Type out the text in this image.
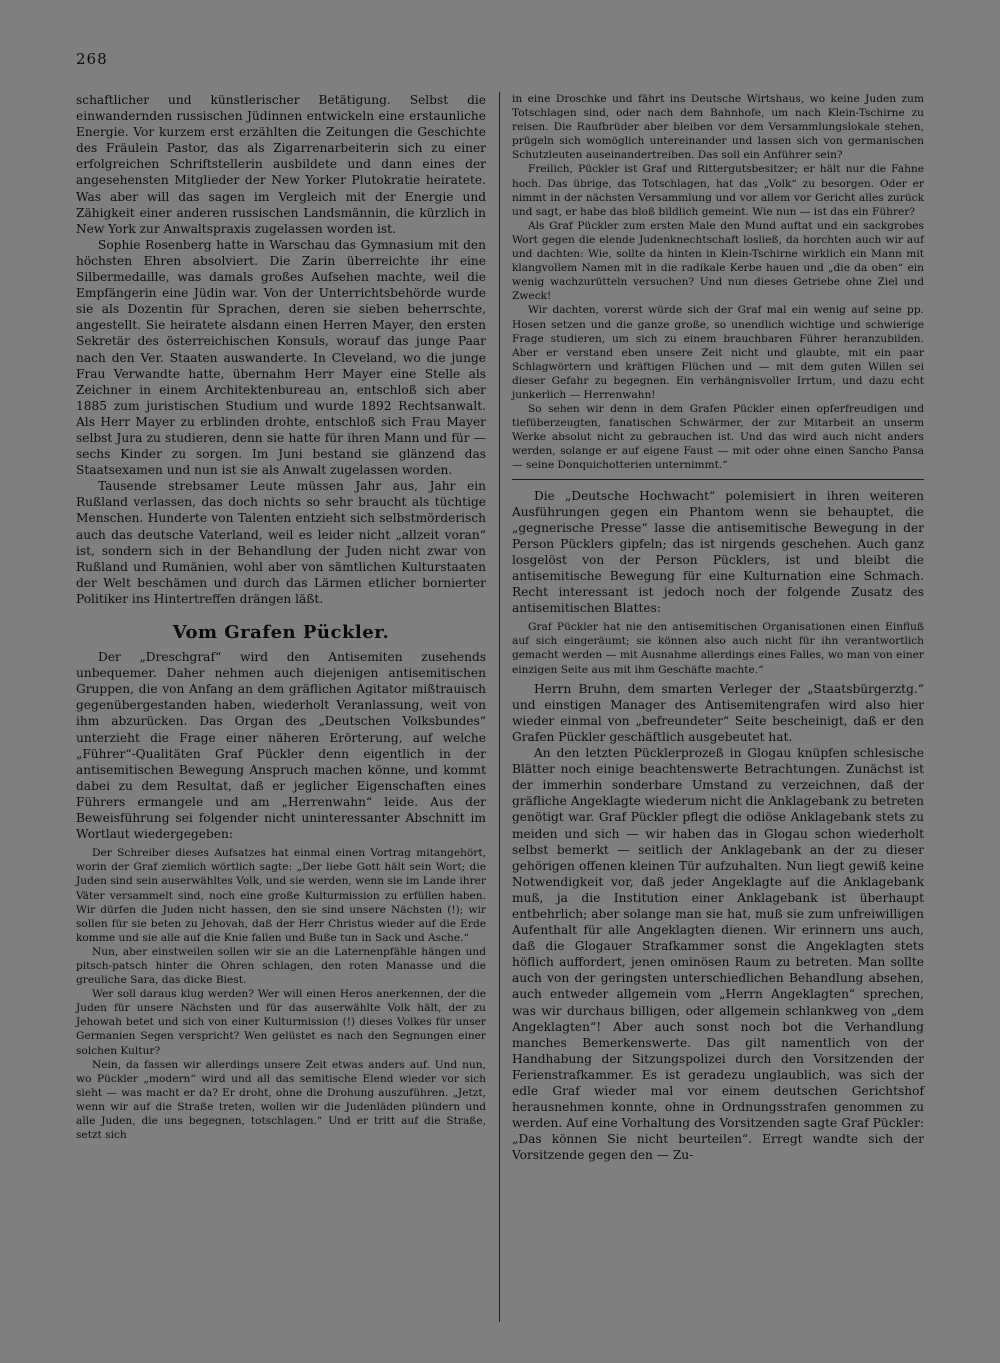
268

schaftlicher und künstlerischer Betätigung. Selbst die einwandernden russischen Jüdinnen entwickeln eine erstaunliche Energie. Vor kurzem erst erzählten die Zeitungen die Geschichte des Fräulein Pastor, das als Zigarrenarbeiterin sich zu einer erfolgreichen Schriftstellerin ausbildete und dann eines der angesehensten Mitglieder der New Yorker Plutokratie heiratete. Was aber will das sagen im Vergleich mit der Energie und Zähigkeit einer anderen russischen Landsmännin, die kürzlich in New York zur Anwaltspraxis zugelassen worden ist.

Sophie Rosenberg hatte in Warschau das Gymnasium mit den höchsten Ehren absolviert. Die Zarin überreichte ihr eine Silbermedaille, was damals großes Aufsehen machte, weil die Empfängerin eine Jüdin war. Von der Unterrichtsbehörde wurde sie als Dozentin für Sprachen, deren sie sieben beherrschte, angestellt. Sie heiratete alsdann einen Herren Mayer, den ersten Sekretär des österreichischen Konsuls, worauf das junge Paar nach den Ver. Staaten auswanderte. In Cleveland, wo die junge Frau Verwandte hatte, übernahm Herr Mayer eine Stelle als Zeichner in einem Architektenbureau an, entschloß sich aber 1885 zum juristischen Studium und wurde 1892 Rechtsanwalt. Als Herr Mayer zu erblinden drohte, entschloß sich Frau Mayer selbst Jura zu studieren, denn sie hatte für ihren Mann und für — sechs Kinder zu sorgen. Im Juni bestand sie glänzend das Staatsexamen und nun ist sie als Anwalt zugelassen worden.

Tausende strebsamer Leute müssen Jahr aus, Jahr ein Rußland verlassen, das doch nichts so sehr braucht als tüchtige Menschen. Hunderte von Talenten entzieht sich selbstmörderisch auch das deutsche Vaterland, weil es leider nicht „allzeit voran“ ist, sondern sich in der Behandlung der Juden nicht zwar von Rußland und Rumänien, wohl aber von sämtlichen Kulturstaaten der Welt beschämen und durch das Lärmen etlicher bornierter Politiker ins Hintertreffen drängen läßt.

Vom Grafen Pückler.

Der „Dreschgraf“ wird den Antisemiten zusehends unbequemer. Daher nehmen auch diejenigen antisemitischen Gruppen, die von Anfang an dem gräflichen Agitator mißtrauisch gegenübergestanden haben, wiederholt Veranlassung, weit von ihm abzurücken. Das Organ des „Deutschen Volksbundes“ unterzieht die Frage einer näheren Erörterung, auf welche „Führer“-Qualitäten Graf Pückler denn eigentlich in der antisemitischen Bewegung Anspruch machen könne, und kommt dabei zu dem Resultat, daß er jeglicher Eigenschaften eines Führers ermangele und am „Herrenwahn“ leide. Aus der Beweisführung sei folgender nicht uninteressanter Abschnitt im Wortlaut wiedergegeben:

Der Schreiber dieses Aufsatzes hat einmal einen Vortrag mitangehört, worin der Graf ziemlich wörtlich sagte: „Der liebe Gott hält sein Wort; die Juden sind sein auserwähltes Volk, und sie werden, wenn sie im Lande ihrer Väter versammelt sind, noch eine große Kulturmission zu erfüllen haben. Wir dürfen die Juden nicht hassen, den sie sind unsere Nächsten (!); wir sollen für sie beten zu Jehovah, daß der Herr Christus wieder auf die Erde komme und sie alle auf die Knie fallen und Buße tun in Sack und Asche.“

Nun, aber einstweilen sollen wir sie an die Laternenpfähle hängen und pitsch-patsch hinter die Ohren schlagen, den roten Manasse und die greuliche Sara, das dicke Biest.

Wer soll daraus klug werden? Wer will einen Heros anerkennen, der die Juden für unsere Nächsten und für das auserwählte Volk hält, der zu Jehowah betet und sich von einer Kulturmission (!) dieses Volkes für unser Germanien Segen verspricht? Wen gelüstet es nach den Segnungen einer solchen Kultur?

Nein, da fassen wir allerdings unsere Zeit etwas anders auf. Und nun, wo Pückler „modern“ wird und all das semitische Elend wieder vor sich sieht — was macht er da? Er droht, ohne die Drohung auszuführen. „Jetzt, wenn wir auf die Straße treten, wollen wir die Judenläden plündern und alle Juden, die uns begegnen, totschlagen.“ Und er tritt auf die Straße, setzt sich

in eine Droschke und fährt ins Deutsche Wirtshaus, wo keine Juden zum Totschlagen sind, oder nach dem Bahnhofe, um nach Klein-Tschirne zu reisen. Die Raufbrüder aber bleiben vor dem Versammlungslokale stehen, prügeln sich womöglich untereinander und lassen sich von germanischen Schutzleuten auseinandertreiben. Das soll ein Anführer sein?

Freilich, Pückler ist Graf und Rittergutsbesitzer; er hält nur die Fahne hoch. Das übrige, das Totschlagen, hat das „Volk“ zu besorgen. Oder er nimmt in der nächsten Versammlung und vor allem vor Gericht alles zurück und sagt, er habe das bloß bildlich gemeint. Wie nun — ist das ein Führer?

Als Graf Pückler zum ersten Male den Mund auftat und ein sackgrobes Wort gegen die elende Judenknechtschaft losließ, da horchten auch wir auf und dachten: Wie, sollte da hinten in Klein-Tschirne wirklich ein Mann mit klangvollem Namen mit in die radikale Kerbe hauen und „die da oben“ ein wenig wachzurütteln versuchen? Und nun dieses Getriebe ohne Ziel und Zweck!

Wir dachten, vorerst würde sich der Graf mal ein wenig auf seine pp. Hosen setzen und die ganze große, so unendlich wichtige und schwierige Frage studieren, um sich zu einem brauchbaren Führer heranzubilden. Aber er verstand eben unsere Zeit nicht und glaubte, mit ein paar Schlagwörtern und kräftigen Flüchen und — mit dem guten Willen sei dieser Gefahr zu begegnen. Ein verhängnisvoller Irrtum, und dazu echt junkerlich — Herrenwahn!

So sehen wir denn in dem Grafen Pückler einen opferfreudigen und tiefüberzeugten, fanatischen Schwärmer, der zur Mitarbeit an unserm Werke absolut nicht zu gebrauchen ist. Und das wird auch nicht anders werden, solange er auf eigene Faust — mit oder ohne einen Sancho Pansa — seine Donquichotterien unternimmt.“

Die „Deutsche Hochwacht“ polemisiert in ihren weiteren Ausführungen gegen ein Phantom wenn sie behauptet, die „gegnerische Presse“ lasse die antisemitische Bewegung in der Person Pücklers gipfeln; das ist nirgends geschehen. Auch ganz losgelöst von der Person Pücklers, ist und bleibt die antisemitische Bewegung für eine Kulturnation eine Schmach. Recht interessant ist jedoch noch der folgende Zusatz des antisemitischen Blattes:

Graf Pückler hat nie den antisemitischen Organisationen einen Einfluß auf sich eingeräumt; sie können also auch nicht für ihn verantwortlich gemacht werden — mit Ausnahme allerdings eines Falles, wo man von einer einzigen Seite aus mit ihm Geschäfte machte.“

Herrn Bruhn, dem smarten Verleger der „Staatsbürgerztg.“ und einstigen Manager des Antisemitengrafen wird also hier wieder einmal von „befreundeter“ Seite bescheinigt, daß er den Grafen Pückler geschäftlich ausgebeutet hat.

An den letzten Pücklerprozeß in Glogau knüpfen schlesische Blätter noch einige beachtenswerte Betrachtungen. Zunächst ist der immerhin sonderbare Umstand zu verzeichnen, daß der gräfliche Angeklagte wiederum nicht die Anklagebank zu betreten genötigt war. Graf Pückler pflegt die odiöse Anklagebank stets zu meiden und sich — wir haben das in Glogau schon wiederholt selbst bemerkt — seitlich der Anklagebank an der zu dieser gehörigen offenen kleinen Tür aufzuhalten. Nun liegt gewiß keine Notwendigkeit vor, daß jeder Angeklagte auf die Anklagebank muß, ja die Institution einer Anklagebank ist überhaupt entbehrlich; aber solange man sie hat, muß sie zum unfreiwilligen Aufenthalt für alle Angeklagten dienen. Wir erinnern uns auch, daß die Glogauer Strafkammer sonst die Angeklagten stets höflich auffordert, jenen ominösen Raum zu betreten. Man sollte auch von der geringsten unterschiedlichen Behandlung absehen, auch entweder allgemein vom „Herrn Angeklagten“ sprechen, was wir durchaus billigen, oder allgemein schlankweg von „dem Angeklagten“! Aber auch sonst noch bot die Verhandlung manches Bemerkenswerte. Das gilt namentlich von der Handhabung der Sitzungspolizei durch den Vorsitzenden der Ferienstrafkammer. Es ist geradezu unglaublich, was sich der edle Graf wieder mal vor einem deutschen Gerichtshof herausnehmen konnte, ohne in Ordnungsstrafen genommen zu werden. Auf eine Vorhaltung des Vorsitzenden sagte Graf Pückler: „Das können Sie nicht beurteilen“. Erregt wandte sich der Vorsitzende gegen den — Zu-
